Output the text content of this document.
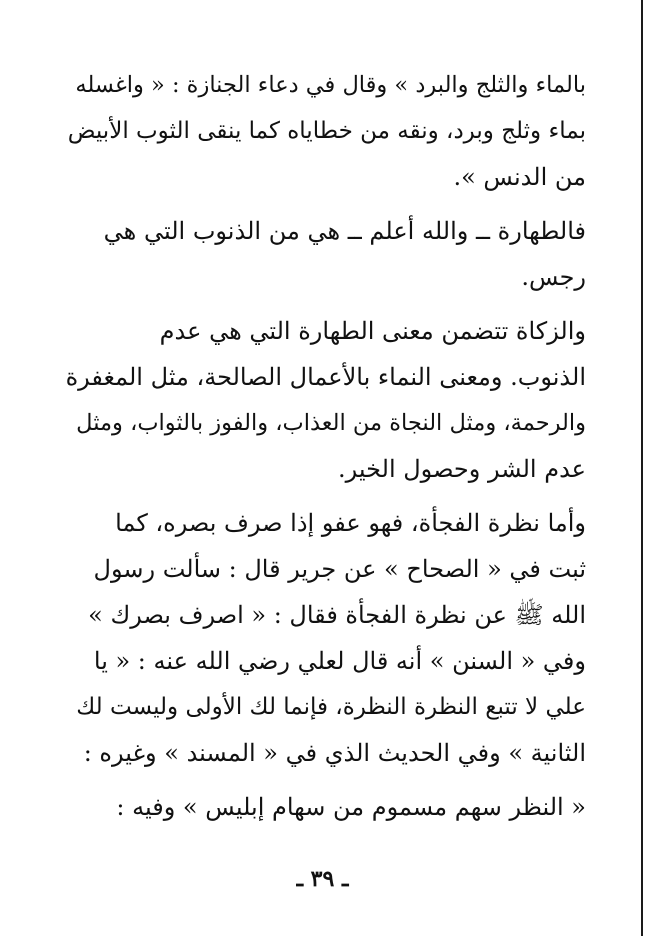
بالماء والثلج والبرد » وقال في دعاء الجنازة : « واغسله
بماء وثلج وبرد، ونقه من خطاياه كما ينقى الثوب الأبيض
من الدنس ».

فالطهارة ــ والله أعلم ــ هي من الذنوب التي هي
رجس.

والزكاة تتضمن معنى الطهارة التي هي عدم
الذنوب. ومعنى النماء بالأعمال الصالحة، مثل المغفرة
والرحمة، ومثل النجاة من العذاب، والفوز بالثواب، ومثل
عدم الشر وحصول الخير.

وأما نظرة الفجأة، فهو عفو إذا صرف بصره، كما
ثبت في « الصحاح » عن جرير قال : سألت رسول
الله ﷺ عن نظرة الفجأة فقال : « اصرف بصرك »
وفي « السنن » أنه قال لعلي رضي الله عنه : « يا
علي لا تتبع النظرة النظرة، فإنما لك الأولى وليست لك
الثانية » وفي الحديث الذي في « المسند » وغيره :

« النظر سهم مسموم من سهام إبليس » وفيه :

ـ ٣٩ ـ
